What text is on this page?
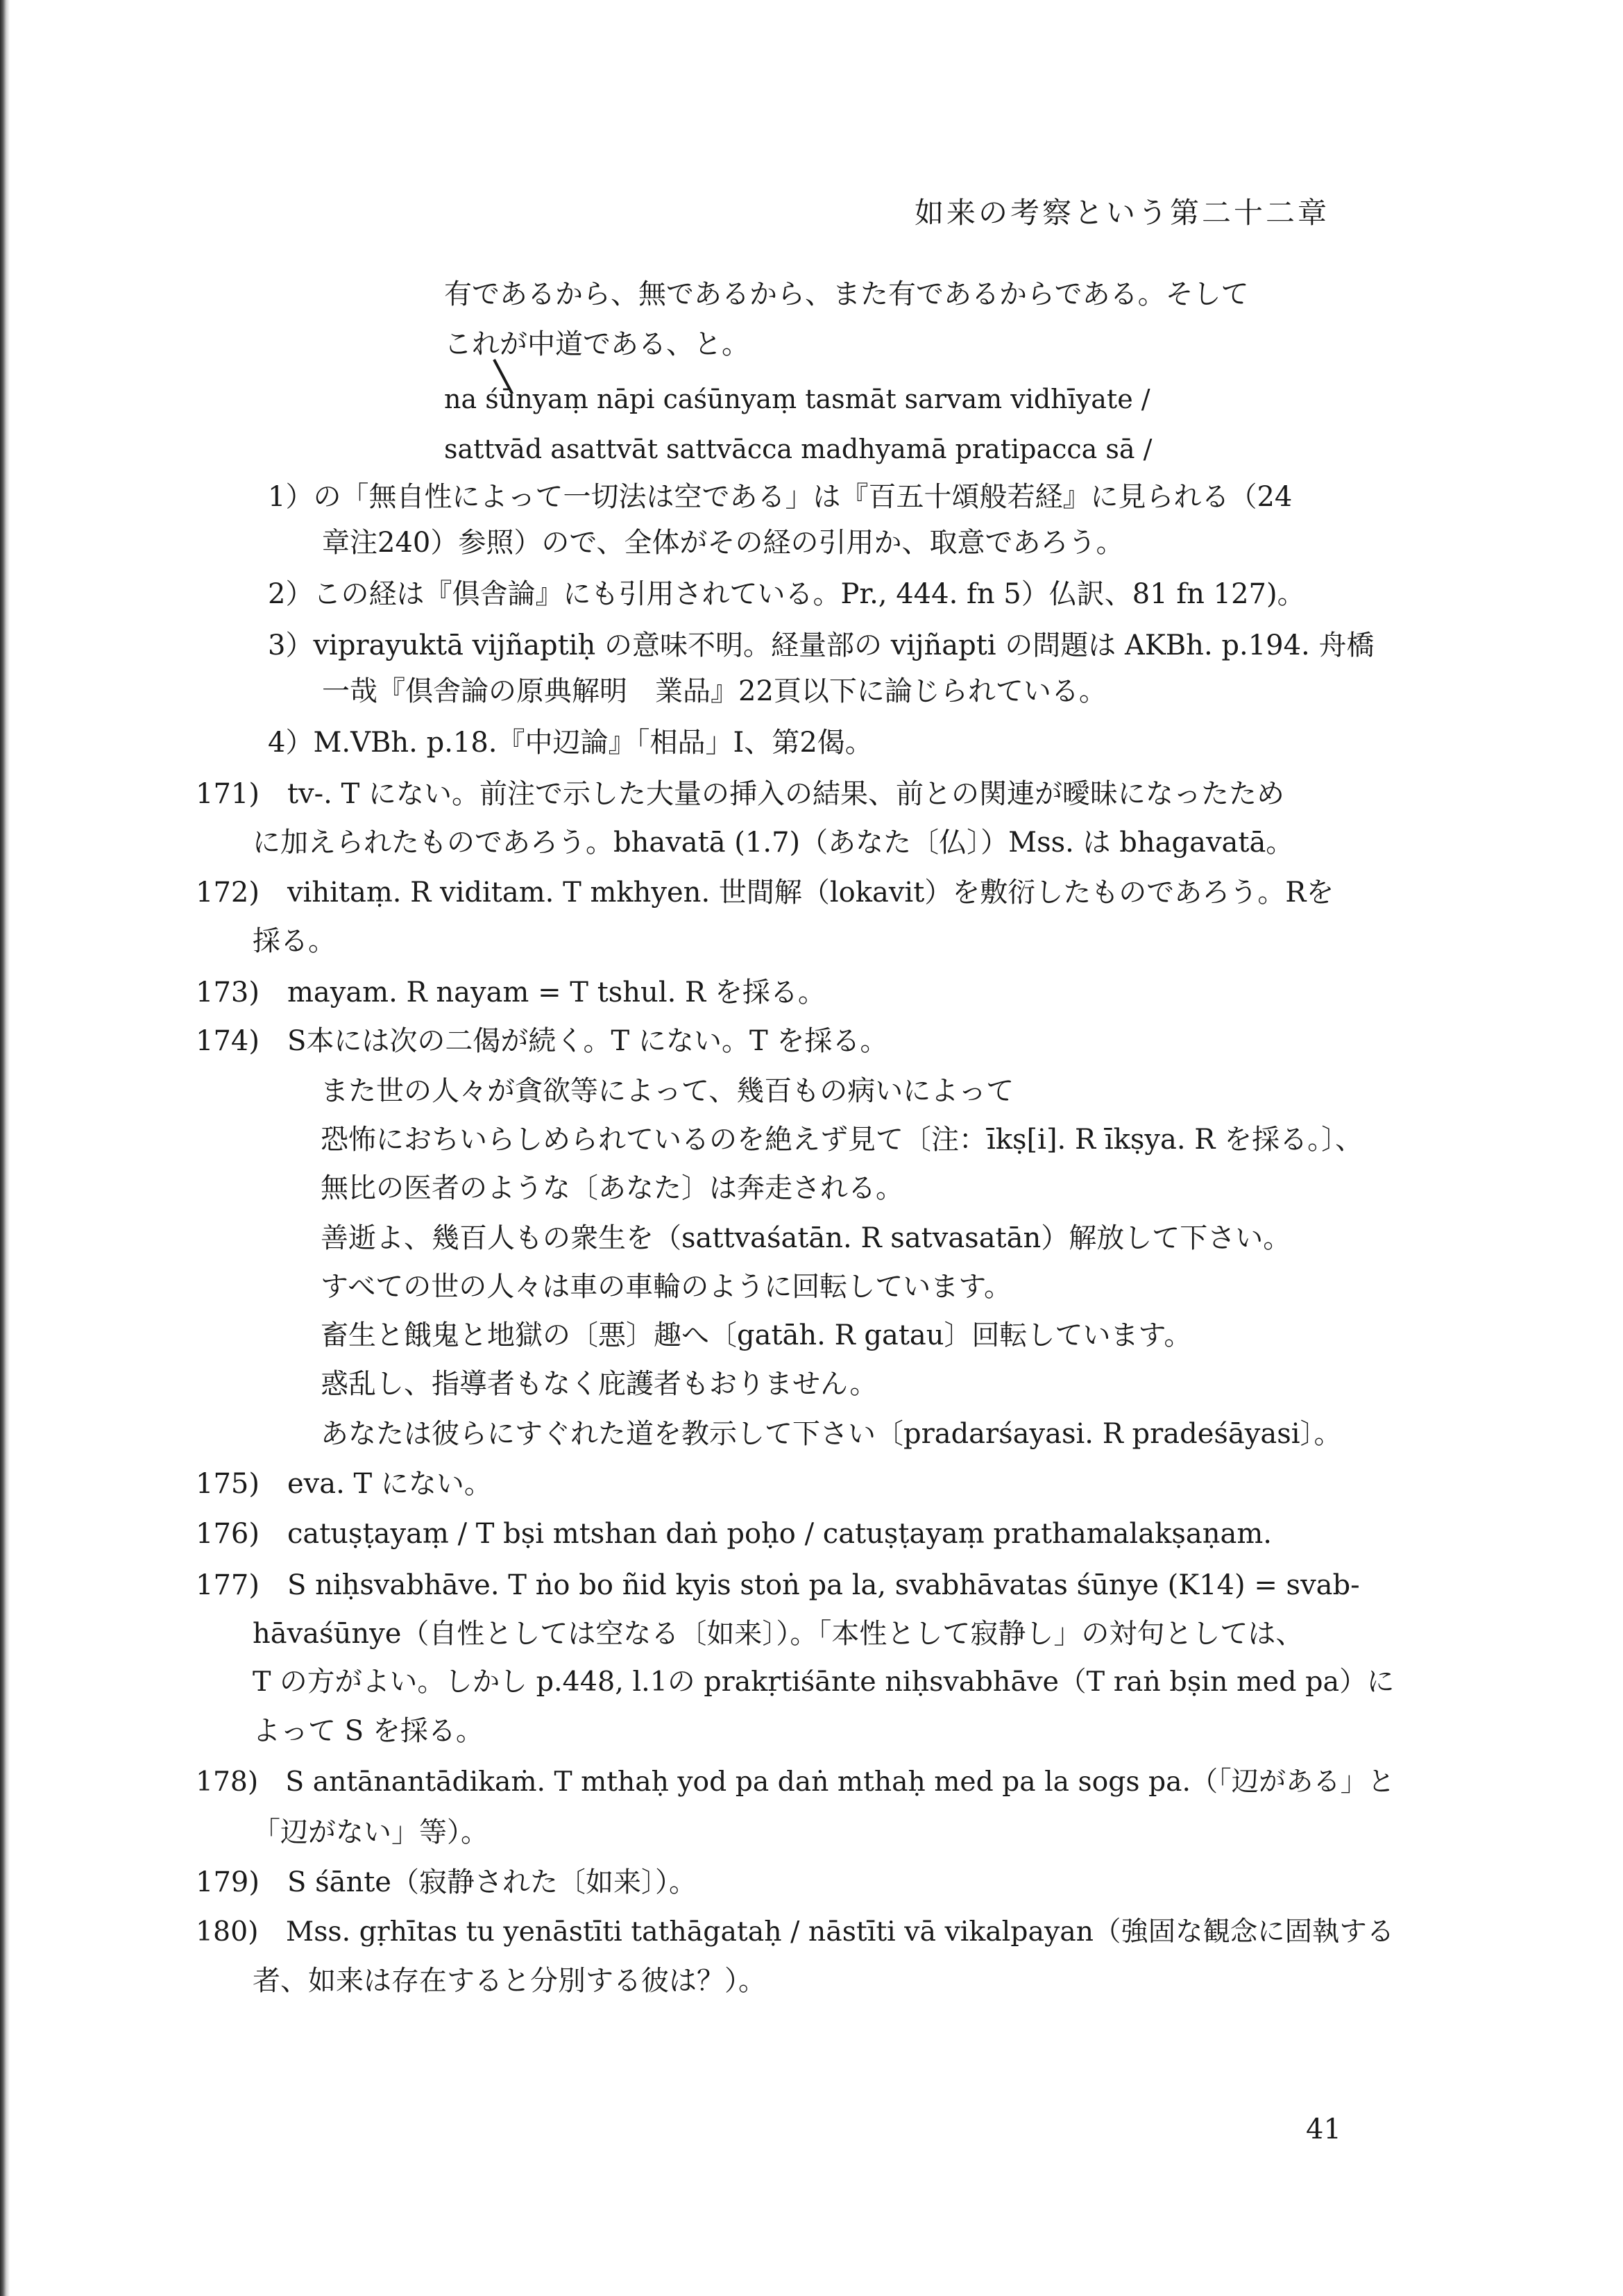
如来の考察という第二十二章
有であるから、無であるから、また有であるからである。そして
これが中道である、と。
na śūnyaṃ nāpi caśūnyaṃ tasmāt sarvam vidhīyate /
sattvād asattvāt sattvācca madhyamā pratipacca sā /
1）の「無自性によって一切法は空である」は『百五十頌般若経』に見られる（24
章注240）参照）ので、全体がその経の引用か、取意であろう。
2）この経は『倶舎論』にも引用されている。Pr., 444. fn 5）仏訳、81 fn 127)。
3）viprayuktā vijñaptiḥ の意味不明。経量部の vijñapti の問題は AKBh. p.194. 舟橋
一哉『倶舎論の原典解明　業品』22頁以下に論じられている。
4）M.VBh. p.18.『中辺論』「相品」I、第2偈。
171)　tv-. T にない。前注で示した大量の挿入の結果、前との関連が曖昧になったため
に加えられたものであろう。bhavatā (1.7)（あなた〔仏〕）Mss. は bhagavatā。
172)　vihitaṃ. R viditam. T mkhyen. 世間解（lokavit）を敷衍したものであろう。Rを
採る。
173)　mayam. R nayam = T tshul. R を採る。
174)　S本には次の二偈が続く。T にない。T を採る。
また世の人々が貪欲等によって、幾百もの病いによって
恐怖におちいらしめられているのを絶えず見て〔注：īkṣ[i]. R īkṣya. R を採る。〕、
無比の医者のような〔あなた〕は奔走される。
善逝よ、幾百人もの衆生を（sattvaśatān. R satvasatān）解放して下さい。
すべての世の人々は車の車輪のように回転しています。
畜生と餓鬼と地獄の〔悪〕趣へ〔gatāh. R gatau〕回転しています。
惑乱し、指導者もなく庇護者もおりません。
あなたは彼らにすぐれた道を教示して下さい〔pradarśayasi. R pradeśāyasi〕。
175)　eva. T にない。
176)　catuṣṭayaṃ / T bṣi mtshan daṅ poḥo / catuṣṭayaṃ prathamalakṣaṇam.
177)　S niḥsvabhāve. T ṅo bo ñid kyis stoṅ pa la, svabhāvatas śūnye (K14) = svab-
hāvaśūnye（自性としては空なる〔如来〕）。「本性として寂静し」の対句としては、
T の方がよい。しかし p.448, l.1の prakṛtiśānte niḥsvabhāve（T raṅ bṣin med pa）に
よって S を採る。
178)　S antānantādikaṁ. T mthaḥ yod pa daṅ mthaḥ med pa la sogs pa.（「辺がある」と
「辺がない」等）。
179)　S śānte（寂静された〔如来〕）。
180)　Mss. gṛhītas tu yenāstīti tathāgataḥ / nāstīti vā vikalpayan（強固な観念に固執する
者、如来は存在すると分別する彼は？）。
41
